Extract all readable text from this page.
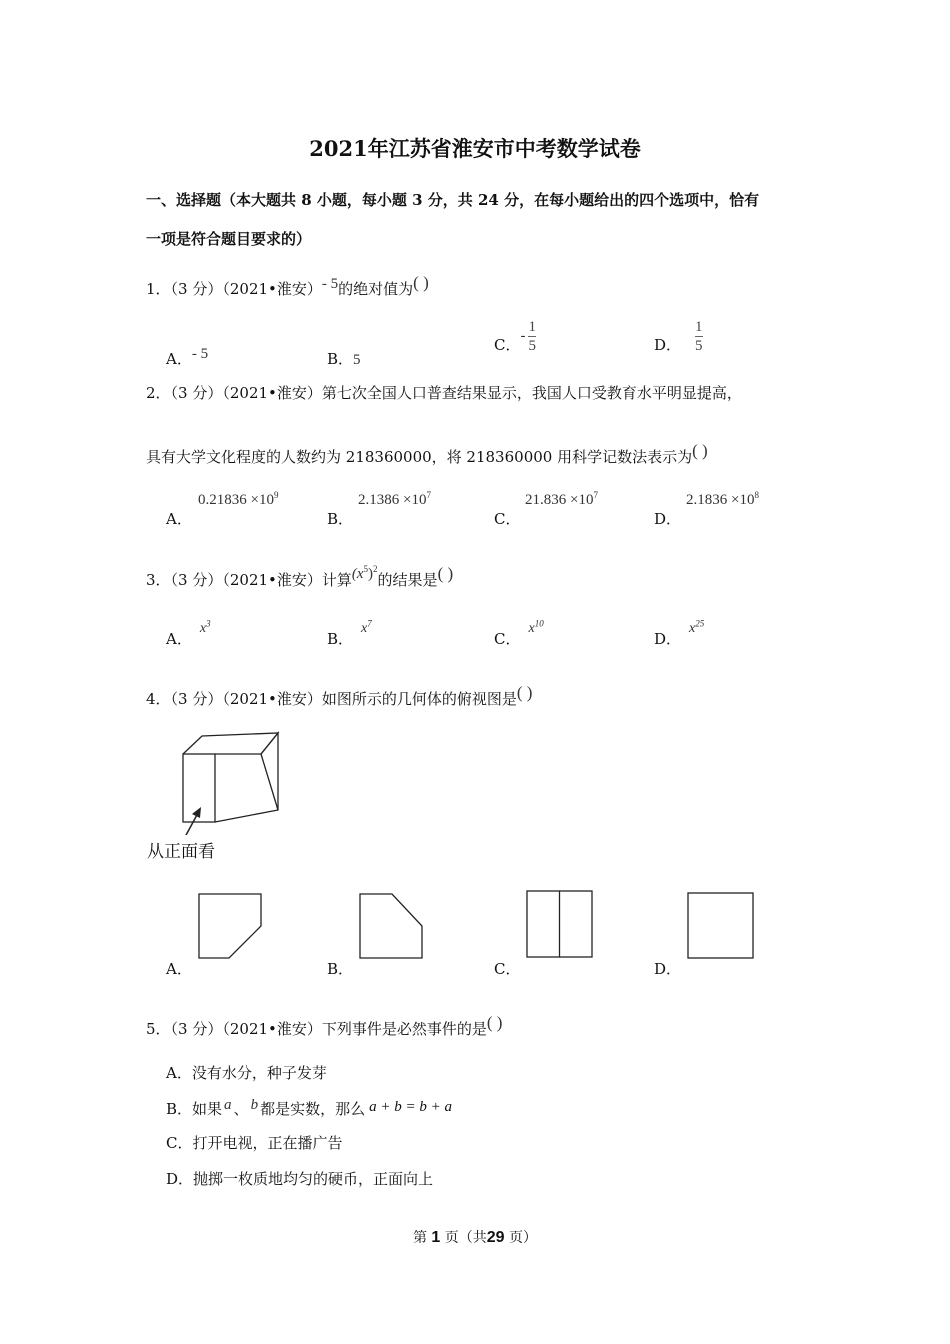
2021年江苏省淮安市中考数学试卷
一、选择题（本大题共 8 小题，每小题 3 分，共 24 分，在每小题给出的四个选项中，恰有
一项是符合题目要求的）
1．（3 分）（2021•淮安）- 5的绝对值为( )
A．- 5	B．5
C．- $\frac{1}{5}$	D． $\frac{1}{5}$
2．（3 分）（2021•淮安）第七次全国人口普查结果显示，我国人口受教育水平明显提高，
具有大学文化程度的人数约为 218360000，将 218360000 用科学记数法表示为( )
A．
$0.21836 \times 10^9$
B．
$2.1386 \times 10^7$
C．
$21.836 \times 10^7$
D．
$2.1836 \times 10^8$
3．（3 分）（2021•淮安）计算$(x^5)^2$的结果是( )
A．$x^3$
B．$x^7$
C．$x^{10}$
D．$x^{25}$
4．（3 分）（2021•淮安）如图所示的几何体的俯视图是( )
从正面看
A．	B．	C．	D．
5．（3 分）（2021•淮安）下列事件是必然事件的是( )
A．没有水分，种子发芽
B．如果 a 、 b 都是实数，那么 a + b = b + a
C．打开电视，正在播广告
D．抛掷一枚质地均匀的硬币，正面向上
第 1 页（共29 页）
